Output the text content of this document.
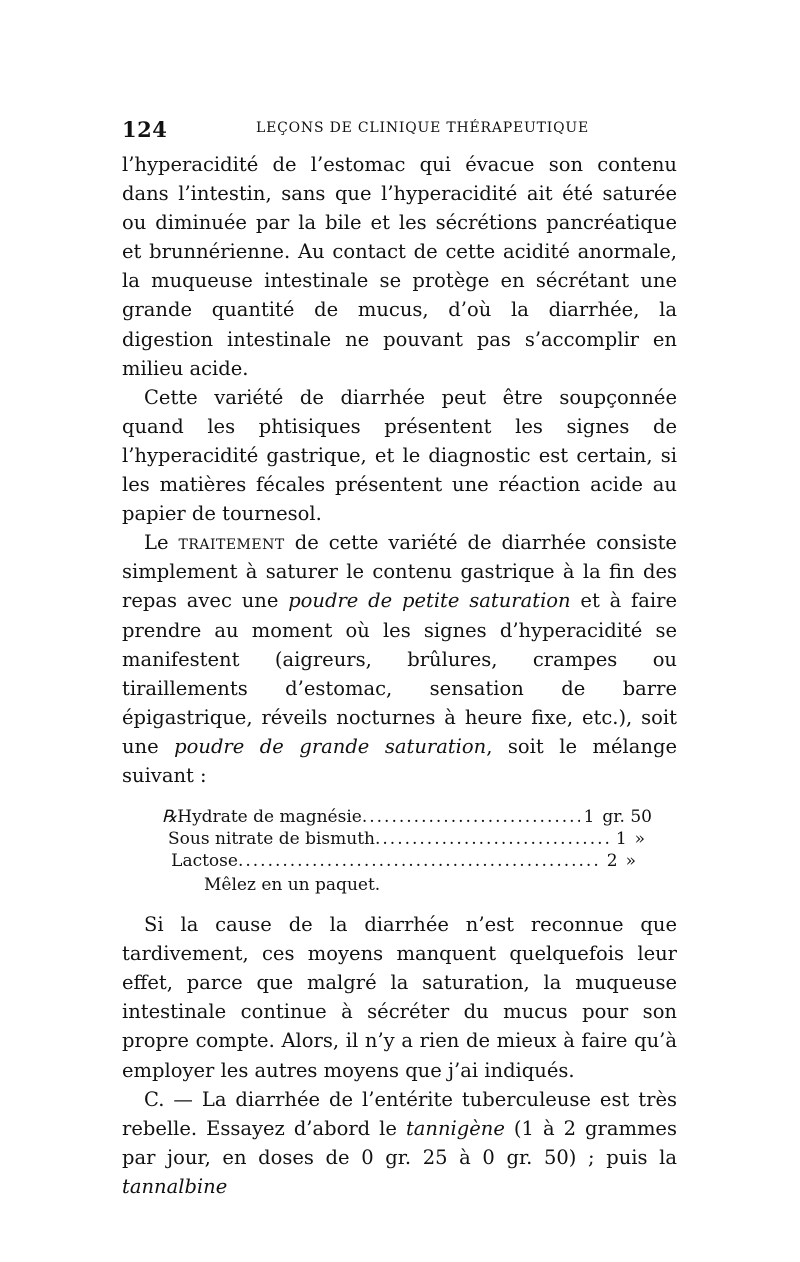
124	LEÇONS DE CLINIQUE THÉRAPEUTIQUE

l’hyperacidité de l’estomac qui évacue son contenu dans l’intestin, sans que l’hyperacidité ait été saturée ou diminuée par la bile et les sécrétions pancréatique et brunnérienne. Au contact de cette acidité anormale, la muqueuse intestinale se protège en sécrétant une grande quantité de mucus, d’où la diarrhée, la digestion intestinale ne pouvant pas s’accomplir en milieu acide.

Cette variété de diarrhée peut être soupçonnée quand les phtisiques présentent les signes de l’hyperacidité gastrique, et le diagnostic est certain, si les matières fécales présentent une réaction acide au papier de tournesol.

Le traitement de cette variété de diarrhée consiste simplement à saturer le contenu gastrique à la fin des repas avec une poudre de petite saturation et à faire prendre au moment où les signes d’hyperacidité se manifestent (aigreurs, brûlures, crampes ou tiraillements d’estomac, sensation de barre épigastrique, réveils nocturnes à heure fixe, etc.), soit une poudre de grande saturation, soit le mélange suivant :

℞ Hydrate de magnésie .....	1 gr. 50
Sous nitrate de bismuth .....	1 »
Lactose .....	2 »
Mêlez en un paquet.

Si la cause de la diarrhée n’est reconnue que tardivement, ces moyens manquent quelquefois leur effet, parce que malgré la saturation, la muqueuse intestinale continue à sécréter du mucus pour son propre compte. Alors, il n’y a rien de mieux à faire qu’à employer les autres moyens que j’ai indiqués.

C. — La diarrhée de l’entérite tuberculeuse est très rebelle. Essayez d’abord le tannigène (1 à 2 grammes par jour, en doses de 0 gr. 25 à 0 gr. 50) ; puis la tannalbine
